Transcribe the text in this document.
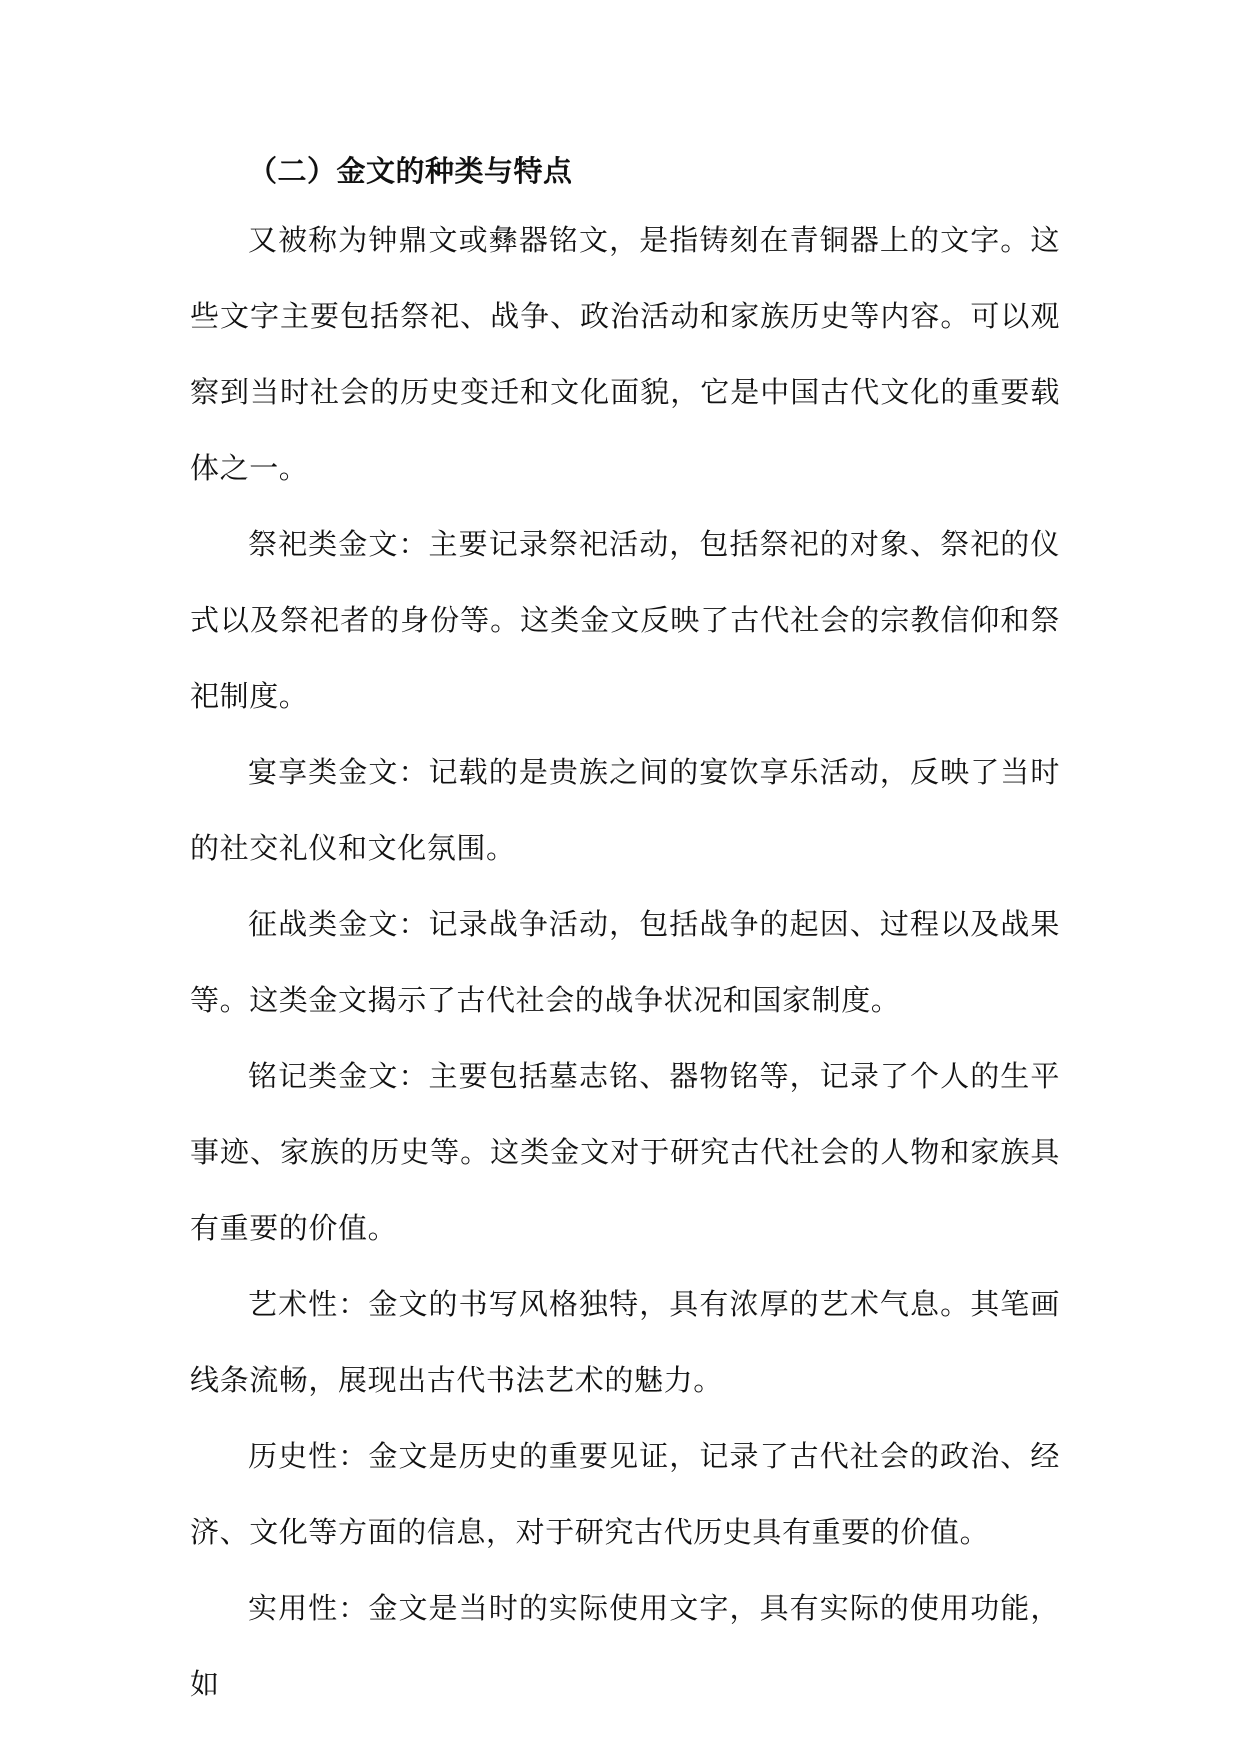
（二）金文的种类与特点

又被称为钟鼎文或彝器铭文，是指铸刻在青铜器上的文字。这些文字主要包括祭祀、战争、政治活动和家族历史等内容。可以观察到当时社会的历史变迁和文化面貌，它是中国古代文化的重要载体之一。

祭祀类金文：主要记录祭祀活动，包括祭祀的对象、祭祀的仪式以及祭祀者的身份等。这类金文反映了古代社会的宗教信仰和祭祀制度。

宴享类金文：记载的是贵族之间的宴饮享乐活动，反映了当时的社交礼仪和文化氛围。

征战类金文：记录战争活动，包括战争的起因、过程以及战果等。这类金文揭示了古代社会的战争状况和国家制度。

铭记类金文：主要包括墓志铭、器物铭等，记录了个人的生平事迹、家族的历史等。这类金文对于研究古代社会的人物和家族具有重要的价值。

艺术性：金文的书写风格独特，具有浓厚的艺术气息。其笔画线条流畅，展现出古代书法艺术的魅力。

历史性：金文是历史的重要见证，记录了古代社会的政治、经济、文化等方面的信息，对于研究古代历史具有重要的价值。

实用性：金文是当时的实际使用文字，具有实际的使用功能，如
